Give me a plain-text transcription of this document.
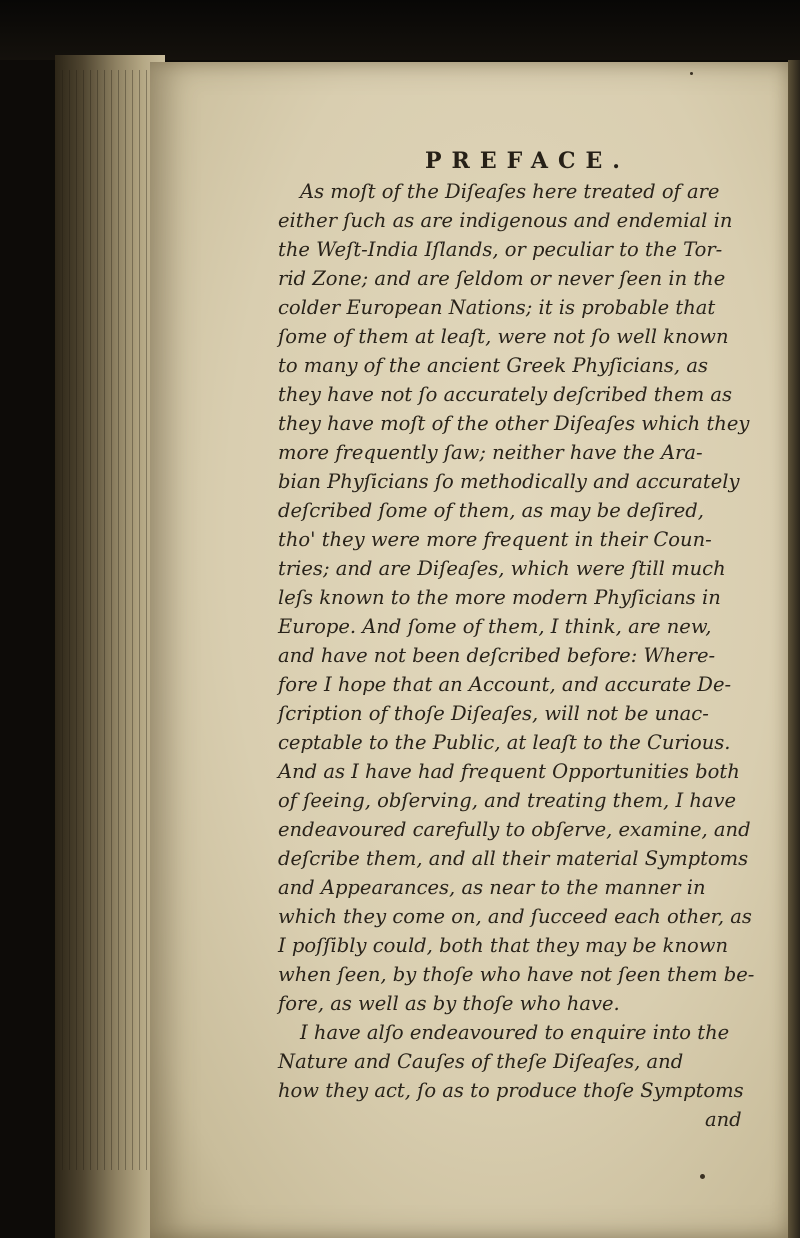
PREFACE.
As moſt of the Diſeaſes here treated of are
either ſuch as are indigenous and endemial in
the Weſt-India Iſlands, or peculiar to the Tor-
rid Zone; and are ſeldom or never ſeen in the
colder European Nations; it is probable that
ſome of them at leaſt, were not ſo well known
to many of the ancient Greek Phyſicians, as
they have not ſo accurately deſcribed them as
they have moſt of the other Diſeaſes which they
more frequently ſaw; neither have the Ara-
bian Phyſicians ſo methodically and accurately
deſcribed ſome of them, as may be deſired,
tho' they were more frequent in their Coun-
tries; and are Diſeaſes, which were ſtill much
leſs known to the more modern Phyſicians in
Europe. And ſome of them, I think, are new,
and have not been deſcribed before: Where-
fore I hope that an Account, and accurate De-
ſcription of thoſe Diſeaſes, will not be unac-
ceptable to the Public, at leaſt to the Curious.
And as I have had frequent Opportunities both
of ſeeing, obſerving, and treating them, I have
endeavoured carefully to obſerve, examine, and
deſcribe them, and all their material Symptoms
and Appearances, as near to the manner in
which they come on, and ſucceed each other, as
I poſſibly could, both that they may be known
when ſeen, by thoſe who have not ſeen them be-
fore, as well as by thoſe who have.
I have alſo endeavoured to enquire into the
Nature and Cauſes of theſe Diſeaſes, and
how they act, ſo as to produce thoſe Symptoms
and
